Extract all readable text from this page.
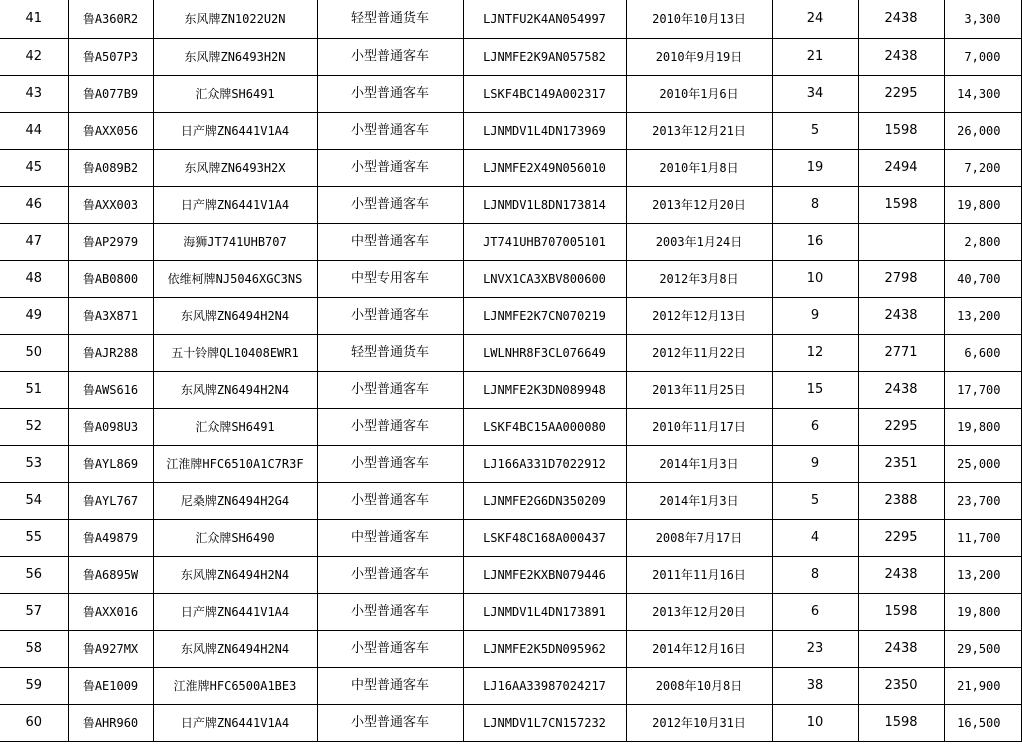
41	鲁A360R2	东风牌ZN1022U2N	轻型普通货车	LJNTFU2K4AN054997	2010年10月13日	24	2438	3,300
42	鲁A507P3	东风牌ZN6493H2N	小型普通客车	LJNMFE2K9AN057582	2010年9月19日	21	2438	7,000
43	鲁A077B9	汇众牌SH6491	小型普通客车	LSKF4BC149A002317	2010年1月6日	34	2295	14,300
44	鲁AXX056	日产牌ZN6441V1A4	小型普通客车	LJNMDV1L4DN173969	2013年12月21日	5	1598	26,000
45	鲁A089B2	东风牌ZN6493H2X	小型普通客车	LJNMFE2X49N056010	2010年1月8日	19	2494	7,200
46	鲁AXX003	日产牌ZN6441V1A4	小型普通客车	LJNMDV1L8DN173814	2013年12月20日	8	1598	19,800
47	鲁AP2979	海狮JT741UHB707	中型普通客车	JT741UHB707005101	2003年1月24日	16		2,800
48	鲁AB0800	依维柯牌NJ5046XGC3NS	中型专用客车	LNVX1CA3XBV800600	2012年3月8日	10	2798	40,700
49	鲁A3X871	东风牌ZN6494H2N4	小型普通客车	LJNMFE2K7CN070219	2012年12月13日	9	2438	13,200
50	鲁AJR288	五十铃牌QL10408EWR1	轻型普通货车	LWLNHR8F3CL076649	2012年11月22日	12	2771	6,600
51	鲁AWS616	东风牌ZN6494H2N4	小型普通客车	LJNMFE2K3DN089948	2013年11月25日	15	2438	17,700
52	鲁A098U3	汇众牌SH6491	小型普通客车	LSKF4BC15AA000080	2010年11月17日	6	2295	19,800
53	鲁AYL869	江淮牌HFC6510A1C7R3F	小型普通客车	LJ166A331D7022912	2014年1月3日	9	2351	25,000
54	鲁AYL767	尼桑牌ZN6494H2G4	小型普通客车	LJNMFE2G6DN350209	2014年1月3日	5	2388	23,700
55	鲁A49879	汇众牌SH6490	中型普通客车	LSKF48C168A000437	2008年7月17日	4	2295	11,700
56	鲁A6895W	东风牌ZN6494H2N4	小型普通客车	LJNMFE2KXBN079446	2011年11月16日	8	2438	13,200
57	鲁AXX016	日产牌ZN6441V1A4	小型普通客车	LJNMDV1L4DN173891	2013年12月20日	6	1598	19,800
58	鲁A927MX	东风牌ZN6494H2N4	小型普通客车	LJNMFE2K5DN095962	2014年12月16日	23	2438	29,500
59	鲁AE1009	江淮牌HFC6500A1BE3	中型普通客车	LJ16AA33987024217	2008年10月8日	38	2350	21,900
60	鲁AHR960	日产牌ZN6441V1A4	小型普通客车	LJNMDV1L7CN157232	2012年10月31日	10	1598	16,500
